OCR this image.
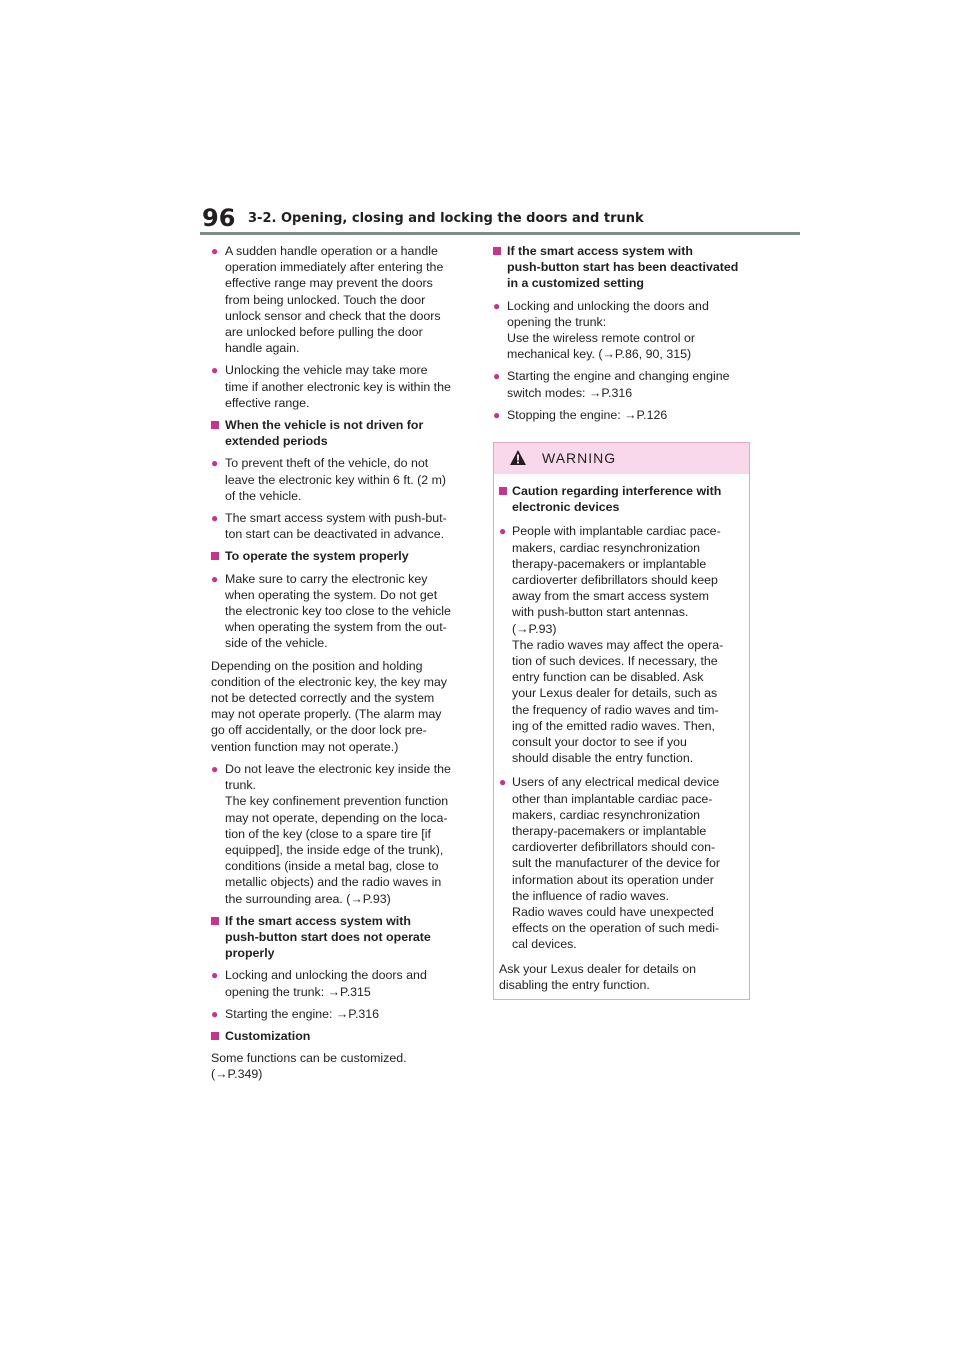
96 3-2. Opening, closing and locking the doors and trunk
● A sudden handle operation or a handle
operation immediately after entering the
effective range may prevent the doors
from being unlocked. Touch the door
unlock sensor and check that the doors
are unlocked before pulling the door
handle again.
● Unlocking the vehicle may take more
time if another electronic key is within the
effective range.
When the vehicle is not driven for
extended periods
● To prevent theft of the vehicle, do not
leave the electronic key within 6 ft. (2 m)
of the vehicle.
● The smart access system with push-but-
ton start can be deactivated in advance.
To operate the system properly
● Make sure to carry the electronic key
when operating the system. Do not get
the electronic key too close to the vehicle
when operating the system from the out-
side of the vehicle.
Depending on the position and holding
condition of the electronic key, the key may
not be detected correctly and the system
may not operate properly. (The alarm may
go off accidentally, or the door lock pre-
vention function may not operate.)
● Do not leave the electronic key inside the
trunk.
The key confinement prevention function
may not operate, depending on the loca-
tion of the key (close to a spare tire [if
equipped], the inside edge of the trunk),
conditions (inside a metal bag, close to
metallic objects) and the radio waves in
the surrounding area. (→P.93)
If the smart access system with
push-button start does not operate
properly
● Locking and unlocking the doors and
opening the trunk: →P.315
● Starting the engine: →P.316
Customization
Some functions can be customized.
(→P.349)
If the smart access system with
push-button start has been deactivated
in a customized setting
● Locking and unlocking the doors and
opening the trunk:
Use the wireless remote control or
mechanical key. (→P.86, 90, 315)
● Starting the engine and changing engine
switch modes: →P.316
● Stopping the engine: →P.126
WARNING
Caution regarding interference with
electronic devices
● People with implantable cardiac pace-
makers, cardiac resynchronization
therapy-pacemakers or implantable
cardioverter defibrillators should keep
away from the smart access system
with push-button start antennas.
(→P.93)
The radio waves may affect the opera-
tion of such devices. If necessary, the
entry function can be disabled. Ask
your Lexus dealer for details, such as
the frequency of radio waves and tim-
ing of the emitted radio waves. Then,
consult your doctor to see if you
should disable the entry function.
● Users of any electrical medical device
other than implantable cardiac pace-
makers, cardiac resynchronization
therapy-pacemakers or implantable
cardioverter defibrillators should con-
sult the manufacturer of the device for
information about its operation under
the influence of radio waves.
Radio waves could have unexpected
effects on the operation of such medi-
cal devices.
Ask your Lexus dealer for details on
disabling the entry function.
